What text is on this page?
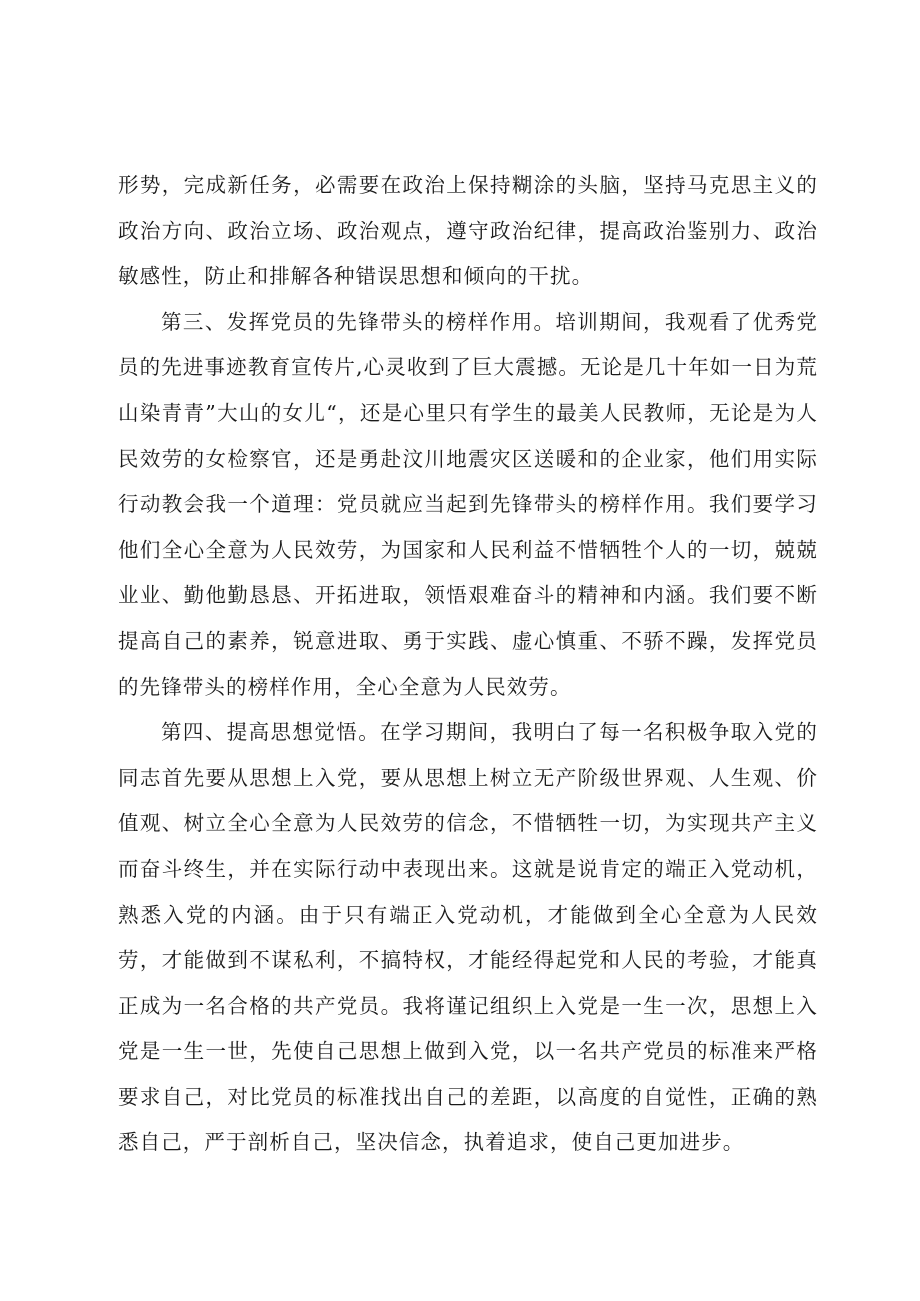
形势，完成新任务，必需要在政治上保持糊涂的头脑，坚持马克思主义的政治方向、政治立场、政治观点，遵守政治纪律，提高政治鉴别力、政治敏感性，防止和排解各种错误思想和倾向的干扰。

第三、发挥党员的先锋带头的榜样作用。培训期间，我观看了优秀党员的先进事迹教育宣传片,心灵收到了巨大震撼。无论是几十年如一日为荒山染青青”大山的女儿“，还是心里只有学生的最美人民教师，无论是为人民效劳的女检察官，还是勇赴汶川地震灾区送暖和的企业家，他们用实际行动教会我一个道理：党员就应当起到先锋带头的榜样作用。我们要学习他们全心全意为人民效劳，为国家和人民利益不惜牺牲个人的一切，兢兢业业、勤他勤恳恳、开拓进取，领悟艰难奋斗的精神和内涵。我们要不断提高自己的素养，锐意进取、勇于实践、虚心慎重、不骄不躁，发挥党员的先锋带头的榜样作用，全心全意为人民效劳。

第四、提高思想觉悟。在学习期间，我明白了每一名积极争取入党的同志首先要从思想上入党，要从思想上树立无产阶级世界观、人生观、价值观、树立全心全意为人民效劳的信念，不惜牺牲一切，为实现共产主义而奋斗终生，并在实际行动中表现出来。这就是说肯定的端正入党动机，熟悉入党的内涵。由于只有端正入党动机，才能做到全心全意为人民效劳，才能做到不谋私利，不搞特权，才能经得起党和人民的考验，才能真正成为一名合格的共产党员。我将谨记组织上入党是一生一次，思想上入党是一生一世，先使自己思想上做到入党，以一名共产党员的标准来严格要求自己，对比党员的标准找出自己的差距，以高度的自觉性，正确的熟悉自己，严于剖析自己，坚决信念，执着追求，使自己更加进步。
